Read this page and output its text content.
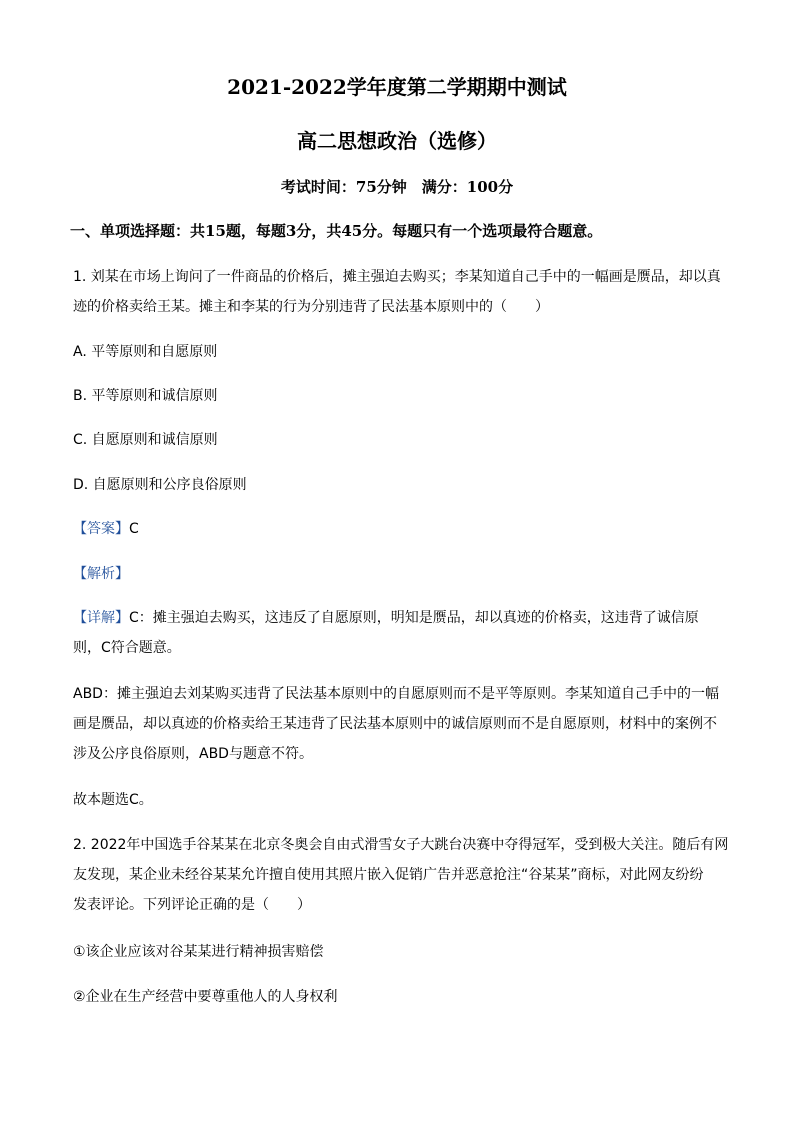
2021-2022学年度第二学期期中测试
高二思想政治（选修）
考试时间：75分钟　满分：100分
一、单项选择题：共15题，每题3分，共45分。每题只有一个选项最符合题意。
1. 刘某在市场上询问了一件商品的价格后，摊主强迫去购买；李某知道自己手中的一幅画是赝品，却以真
迹的价格卖给王某。摊主和李某的行为分别违背了民法基本原则中的（　　）
A. 平等原则和自愿原则
B. 平等原则和诚信原则
C. 自愿原则和诚信原则
D. 自愿原则和公序良俗原则
【答案】C
【解析】
【详解】C：摊主强迫去购买，这违反了自愿原则，明知是赝品，却以真迹的价格卖，这违背了诚信原
则，C符合题意。
ABD：摊主强迫去刘某购买违背了民法基本原则中的自愿原则而不是平等原则。李某知道自己手中的一幅
画是赝品，却以真迹的价格卖给王某违背了民法基本原则中的诚信原则而不是自愿原则，材料中的案例不
涉及公序良俗原则，ABD与题意不符。
故本题选C。
2. 2022年中国选手谷某某在北京冬奥会自由式滑雪女子大跳台决赛中夺得冠军，受到极大关注。随后有网
友发现，某企业未经谷某某允许擅自使用其照片嵌入促销广告并恶意抢注“谷某某”商标，对此网友纷纷
发表评论。下列评论正确的是（　　）
①该企业应该对谷某某进行精神损害赔偿
②企业在生产经营中要尊重他人的人身权利
